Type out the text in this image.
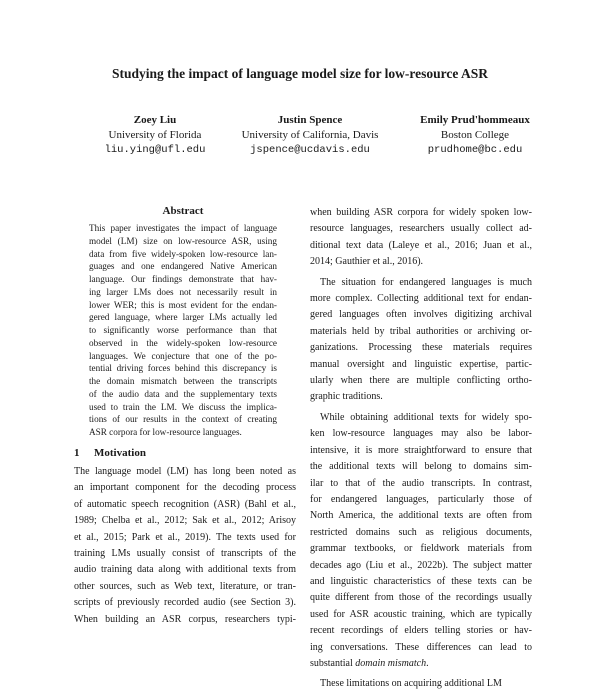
Studying the impact of language model size for low-resource ASR
Zoey Liu
University of Florida
liu.ying@ufl.edu
Justin Spence
University of California, Davis
jspence@ucdavis.edu
Emily Prud'hommeaux
Boston College
prudhome@bc.edu
Abstract
This paper investigates the impact of language
model (LM) size on low-resource ASR, using
data from five widely-spoken low-resource lan-
guages and one endangered Native American
language. Our findings demonstrate that hav-
ing larger LMs does not necessarily result in
lower WER; this is most evident for the endan-
gered language, where larger LMs actually led
to significantly worse performance than that
observed in the widely-spoken low-resource
languages. We conjecture that one of the po-
tential driving forces behind this discrepancy is
the domain mismatch between the transcripts
of the audio data and the supplementary texts
used to train the LM. We discuss the implica-
tions of our results in the context of creating
ASR corpora for low-resource languages.
1 Motivation
The language model (LM) has long been noted as
an important component for the decoding process
of automatic speech recognition (ASR) (Bahl et al.,
1989; Chelba et al., 2012; Sak et al., 2012; Arisoy
et al., 2015; Park et al., 2019). The texts used for
training LMs usually consist of transcripts of the
audio training data along with additional texts from
other sources, such as Web text, literature, or tran-
scripts of previously recorded audio (see Section 3).
When building an ASR corpus, researchers typi-
when building ASR corpora for widely spoken low-
resource languages, researchers usually collect ad-
ditional text data (Laleye et al., 2016; Juan et al.,
2014; Gauthier et al., 2016).
The situation for endangered languages is much
more complex. Collecting additional text for endan-
gered languages often involves digitizing archival
materials held by tribal authorities or archiving or-
ganizations. Processing these materials requires
manual oversight and linguistic expertise, partic-
ularly when there are multiple conflicting ortho-
graphic traditions.
While obtaining additional texts for widely spo-
ken low-resource languages may also be labor-
intensive, it is more straightforward to ensure that
the additional texts will belong to domains sim-
ilar to that of the audio transcripts. In contrast,
for endangered languages, particularly those of
North America, the additional texts are often from
restricted domains such as religious documents,
grammar textbooks, or fieldwork materials from
decades ago (Liu et al., 2022b). The subject matter
and linguistic characteristics of these texts can be
quite different from those of the recordings usually
used for ASR acoustic training, which are typically
recent recordings of elders telling stories or hav-
ing conversations. These differences can lead to
substantial domain mismatch.
These limitations on acquiring additional LM
